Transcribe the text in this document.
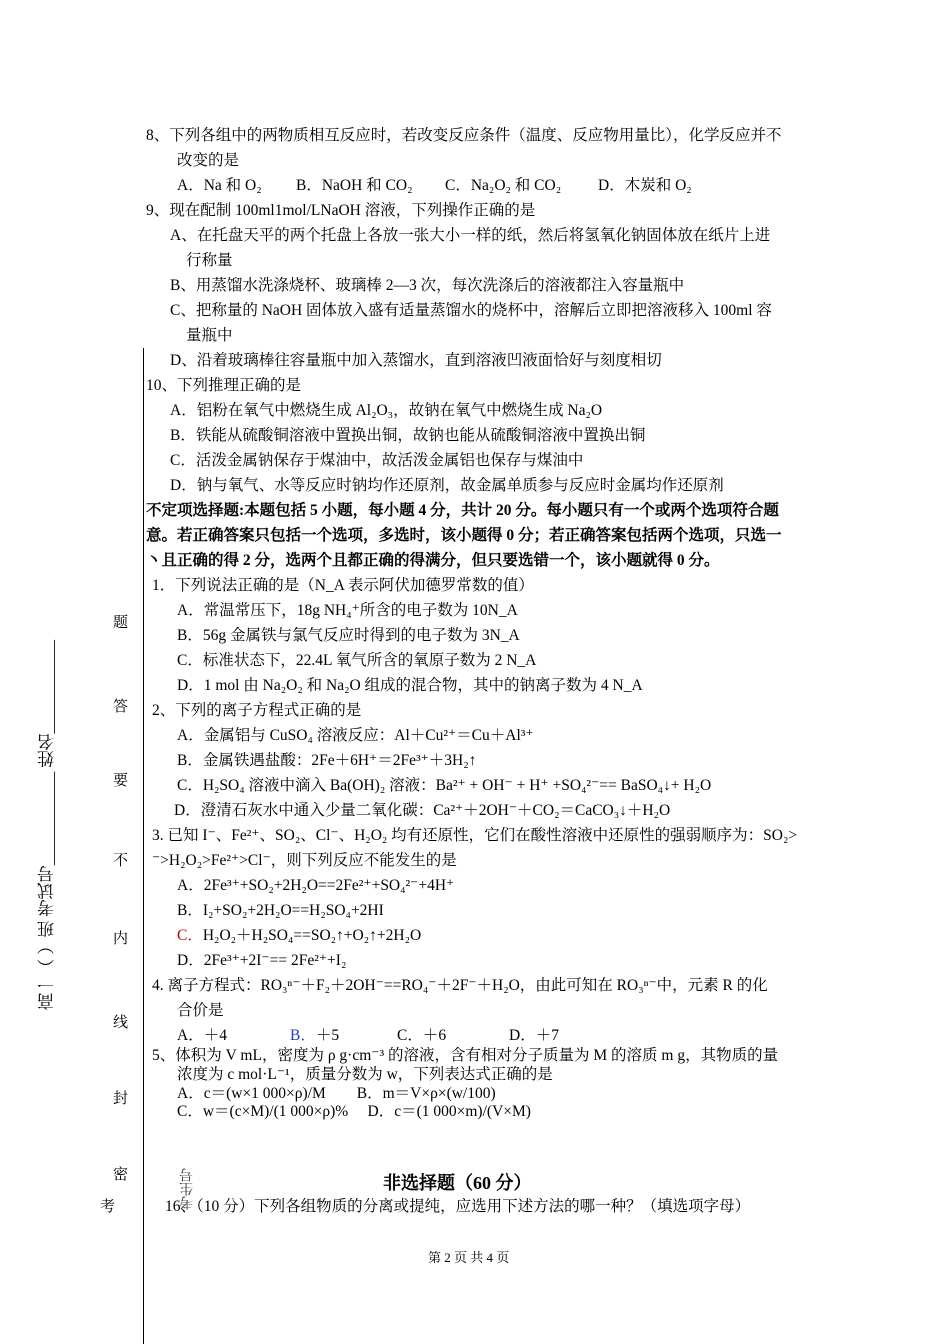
高一（ ）班 考试号___________ 姓名___________
题
答
要
不
内
线
封
密	考生号
考
8、下列各组中的两物质相互反应时，若改变反应条件（温度、反应物用量比），化学反应并不
改变的是
A．Na 和 O₂ B．NaOH 和 CO₂ C．Na₂O₂ 和 CO₂ D．木炭和 O₂
9、现在配制 100ml1mol/LNaOH 溶液，下列操作正确的是
A、在托盘天平的两个托盘上各放一张大小一样的纸，然后将氢氧化钠固体放在纸片上进
行称量
B、用蒸馏水洗涤烧杯、玻璃棒 2—3 次，每次洗涤后的溶液都注入容量瓶中
C、把称量的 NaOH 固体放入盛有适量蒸馏水的烧杯中，溶解后立即把溶液移入 100ml 容
量瓶中
D、沿着玻璃棒往容量瓶中加入蒸馏水，直到溶液凹液面恰好与刻度相切
10、下列推理正确的是
A．铝粉在氧气中燃烧生成 Al₂O₃，故钠在氧气中燃烧生成 Na₂O
B．铁能从硫酸铜溶液中置换出铜，故钠也能从硫酸铜溶液中置换出铜
C．活泼金属钠保存于煤油中，故活泼金属铝也保存与煤油中
D．钠与氧气、水等反应时钠均作还原剂，故金属单质参与反应时金属均作还原剂
不定项选择题:本题包括 5 小题，每小题 4 分，共计 20 分。每小题只有一个或两个选项符合题
意。若正确答案只包括一个选项，多选时，该小题得 0 分；若正确答案包括两个选项，只选一
丶且正确的得 2 分，选两个且都正确的得满分，但只要选错一个，该小题就得 0 分。
1．下列说法正确的是（N_A 表示阿伏加德罗常数的值）
A．常温常压下，18g NH₄⁺所含的电子数为 10N_A
B．56g 金属铁与氯气反应时得到的电子数为 3N_A
C．标准状态下，22.4L 氧气所含的氧原子数为 2 N_A
D．1 mol 由 Na₂O₂ 和 Na₂O 组成的混合物，其中的钠离子数为 4 N_A
2、下列的离子方程式正确的是
A．金属铝与 CuSO₄ 溶液反应：Al＋Cu²⁺＝Cu＋Al³⁺
B．金属铁遇盐酸：2Fe＋6H⁺＝2Fe³⁺＋3H₂↑
C．H₂SO₄ 溶液中滴入 Ba(OH)₂ 溶液：Ba²⁺ + OH⁻ + H⁺ +SO₄²⁻== BaSO₄↓+ H₂O
D．澄清石灰水中通入少量二氧化碳：Ca²⁺＋2OH⁻＋CO₂＝CaCO₃↓＋H₂O
3. 已知 I⁻、Fe²⁺、SO₂、Cl⁻、H₂O₂ 均有还原性，它们在酸性溶液中还原性的强弱顺序为：SO₂>
⁻>H₂O₂>Fe²⁺>Cl⁻，则下列反应不能发生的是
A．2Fe³⁺+SO₂+2H₂O==2Fe²⁺+SO₄²⁻+4H⁺
B．I₂+SO₂+2H₂O==H₂SO₄+2HI
C．H₂O₂＋H₂SO₄==SO₂↑+O₂↑+2H₂O
D．2Fe³⁺+2I⁻== 2Fe²⁺+I₂
4. 离子方程式：RO₃ⁿ⁻＋F₂＋2OH⁻==RO₄⁻＋2F⁻＋H₂O，由此可知在 RO₃ⁿ⁻中，元素 R 的化
合价是
A．＋4	B．＋5	C．＋6	D．＋7
5、体积为 V mL，密度为 ρ g·cm⁻³ 的溶液，含有相对分子质量为 M 的溶质 m g，其物质的量
浓度为 c mol·L⁻¹，质量分数为 w，下列表达式正确的是
A．c＝(w×1 000×ρ)/M        B．m＝V×ρ×(w/100)
C．w＝(c×M)/(1 000×ρ)%     D．c＝(1 000×m)/(V×M)
非选择题（60 分）
16、（10 分）下列各组物质的分离或提纯，应选用下述方法的哪一种？（填选项字母）
第 2 页 共 4 页
